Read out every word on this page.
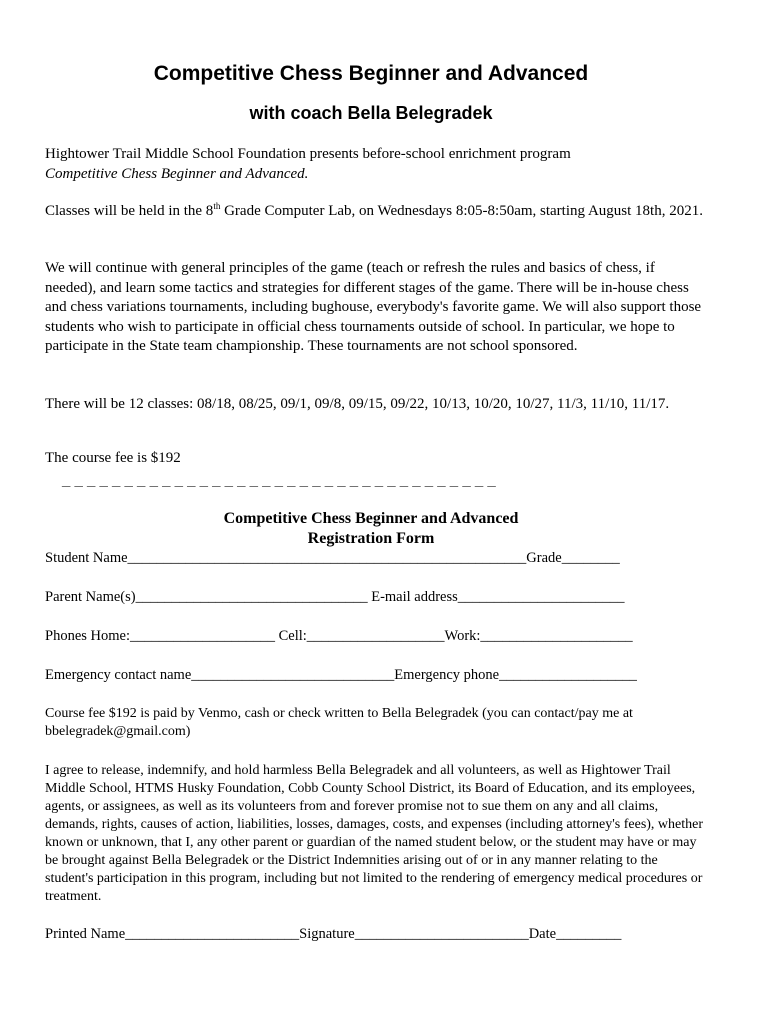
Competitive Chess Beginner and Advanced
with coach Bella Belegradek
Hightower Trail Middle School Foundation presents before-school enrichment program
Competitive Chess Beginner and Advanced.
Classes will be held in the 8th Grade Computer Lab, on Wednesdays 8:05-8:50am, starting August 18th, 2021.
We will continue with general principles of the game (teach or refresh the rules and basics of chess, if needed), and learn some tactics and strategies for different stages of the game. There will be in-house chess and chess variations tournaments, including bughouse, everybody's favorite game. We will also support those students who wish to participate in official chess tournaments outside of school. In particular, we hope to participate in the State team championship. These tournaments are not school sponsored.
There will be 12 classes: 08/18, 08/25, 09/1, 09/8, 09/15, 09/22, 10/13, 10/20, 10/27, 11/3, 11/10, 11/17.
The course fee is $192
_ _ _ _ _ _ _ _ _ _ _ _ _ _ _ _ _ _ _ _ _ _ _ _ _ _ _ _ _ _ _ _ _ _ _
Competitive Chess Beginner and Advanced
Registration Form
Student Name_______________________________________________________Grade________
Parent Name(s)________________________________ E-mail address_______________________
Phones Home:____________________ Cell:___________________Work:_____________________
Emergency contact name____________________________Emergency phone___________________
Course fee $192 is paid by Venmo, cash or check written to Bella Belegradek (you can contact/pay me at bbelegradek@gmail.com)
I agree to release, indemnify, and hold harmless Bella Belegradek and all volunteers, as well as Hightower Trail Middle School, HTMS Husky Foundation, Cobb County School District, its Board of Education, and its employees, agents, or assignees, as well as its volunteers from and forever promise not to sue them on any and all claims, demands, rights, causes of action, liabilities, losses, damages, costs, and expenses (including attorney's fees), whether known or unknown, that I, any other parent or guardian of the named student below, or the student may have or may be brought against Bella Belegradek or the District Indemnities arising out of or in any manner relating to the student's participation in this program, including but not limited to the rendering of emergency medical procedures or treatment.
Printed Name________________________Signature________________________Date_________
